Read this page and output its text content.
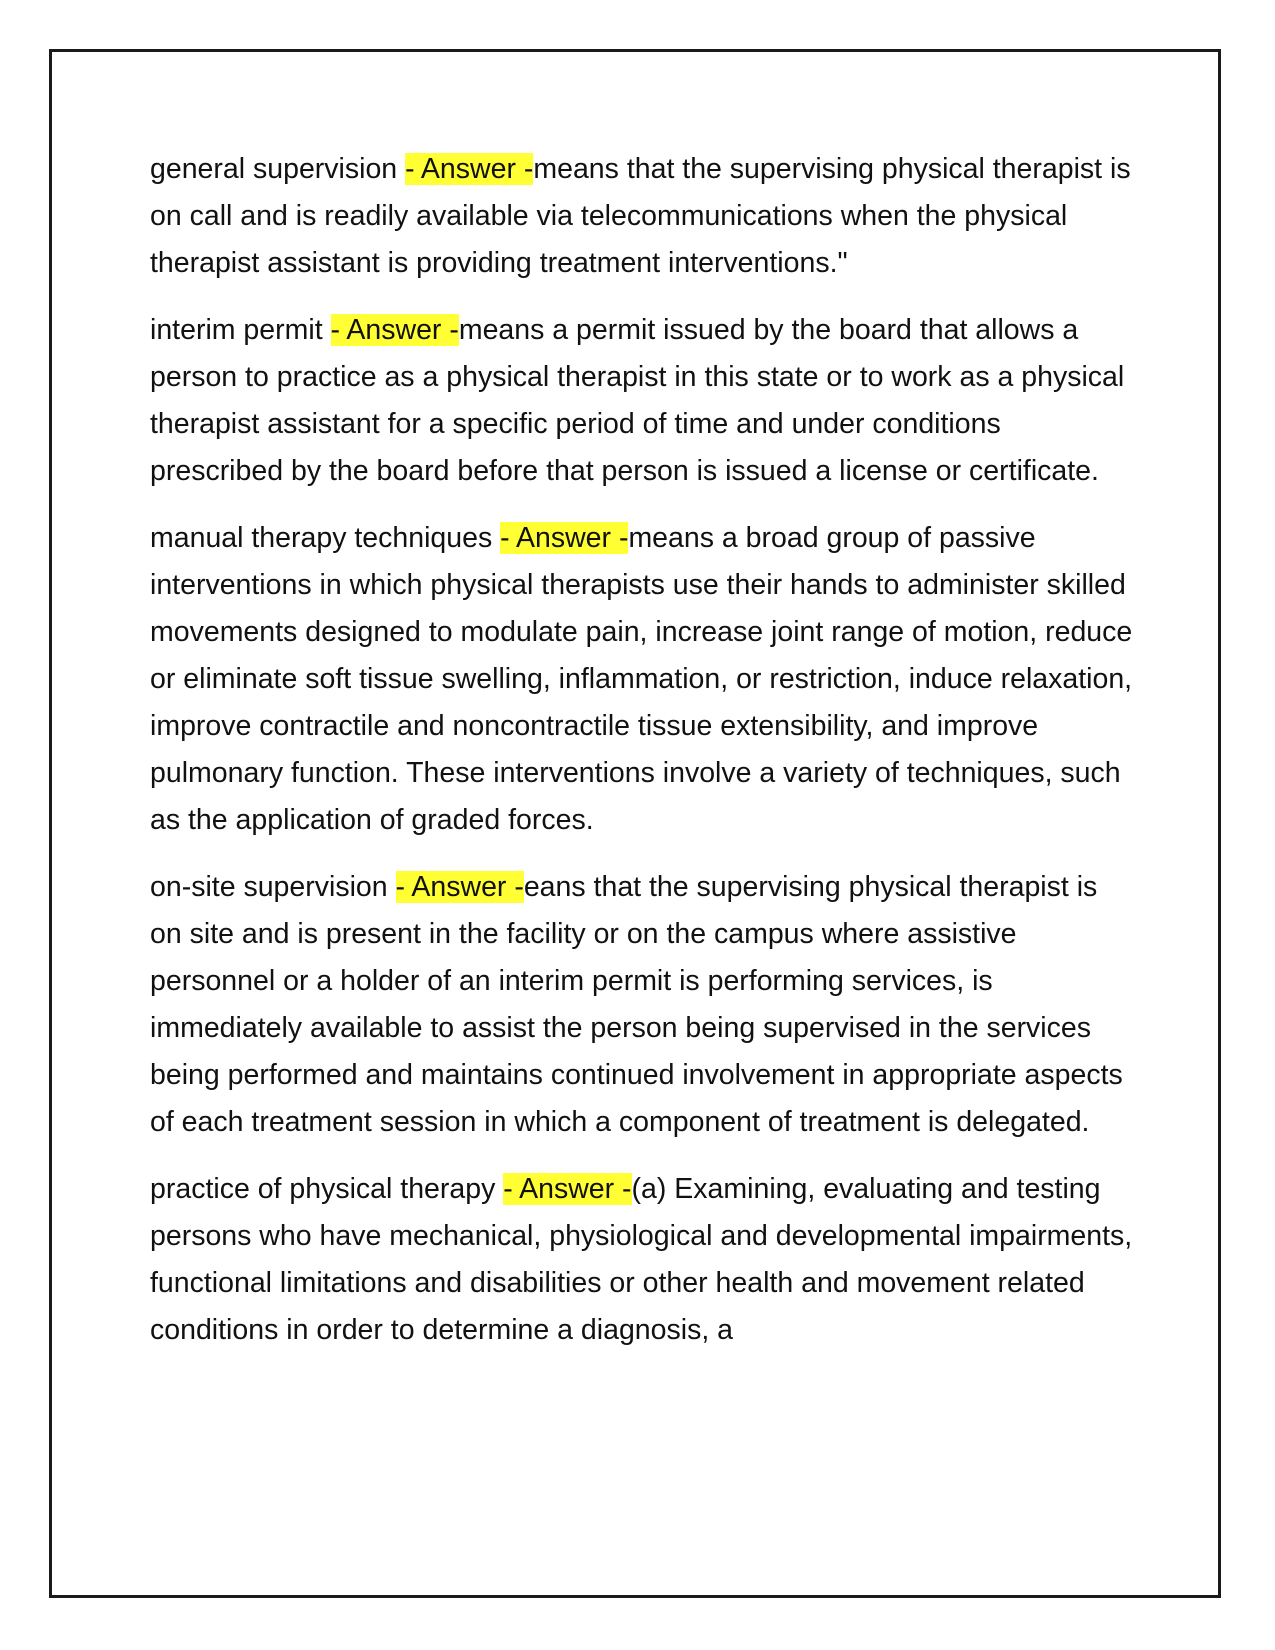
general supervision - Answer -means that the supervising physical therapist is on call and is readily available via telecommunications when the physical therapist assistant is providing treatment interventions."

interim permit - Answer -means a permit issued by the board that allows a person to practice as a physical therapist in this state or to work as a physical therapist assistant for a specific period of time and under conditions prescribed by the board before that person is issued a license or certificate.

manual therapy techniques - Answer -means a broad group of passive interventions in which physical therapists use their hands to administer skilled movements designed to modulate pain, increase joint range of motion, reduce or eliminate soft tissue swelling, inflammation, or restriction, induce relaxation, improve contractile and noncontractile tissue extensibility, and improve pulmonary function. These interventions involve a variety of techniques, such as the application of graded forces.

on-site supervision - Answer -eans that the supervising physical therapist is on site and is present in the facility or on the campus where assistive personnel or a holder of an interim permit is performing services, is immediately available to assist the person being supervised in the services being performed and maintains continued involvement in appropriate aspects of each treatment session in which a component of treatment is delegated.

practice of physical therapy - Answer -(a) Examining, evaluating and testing persons who have mechanical, physiological and developmental impairments, functional limitations and disabilities or other health and movement related conditions in order to determine a diagnosis, a
